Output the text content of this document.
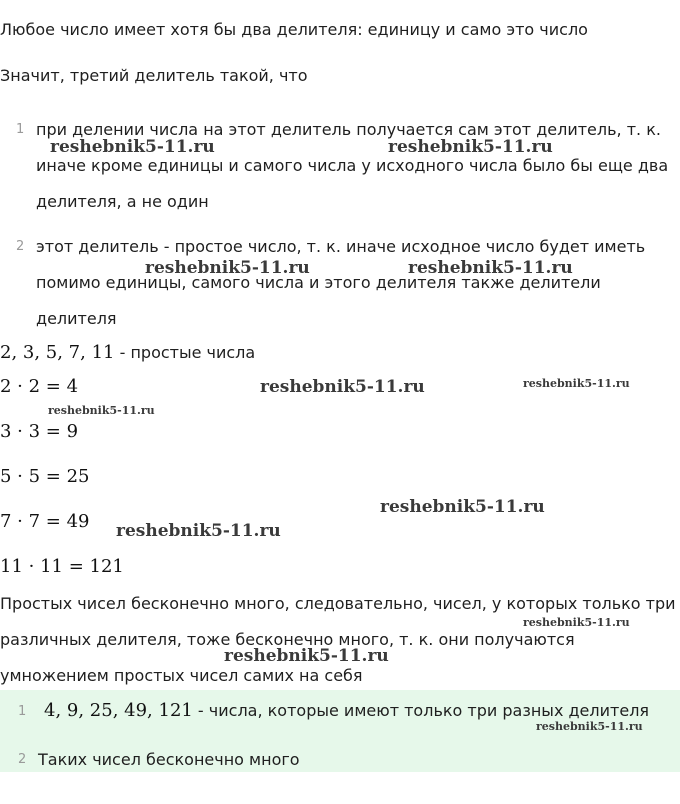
Любое число имеет хотя бы два делителя: единицу и само это число
Значит, третий делитель такой, что
1 при делении числа на этот делитель получается сам этот делитель, т. к.
иначе кроме единицы и самого числа у исходного числа было бы еще два
делителя, а не один
2 этот делитель - простое число, т. к. иначе исходное число будет иметь
помимо единицы, самого числа и этого делителя также делители
делителя
2, 3, 5, 7, 11 - простые числа
2 · 2 = 4
3 · 3 = 9
5 · 5 = 25
7 · 7 = 49
11 · 11 = 121
Простых чисел бесконечно много, следовательно, чисел, у которых только три
различных делителя, тоже бесконечно много, т. к. они получаются
умножением простых чисел самих на себя
1 4, 9, 25, 49, 121 - числа, которые имеют только три разных делителя
2 Таких чисел бесконечно много
reshebnik5-11.ru	reshebnik5-11.ru
reshebnik5-11.ru	reshebnik5-11.ru
reshebnik5-11.ru	reshebnik5-11.ru
reshebnik5-11.ru
reshebnik5-11.ru
reshebnik5-11.ru
reshebnik5-11.ru
reshebnik5-11.ru
reshebnik5-11.ru
